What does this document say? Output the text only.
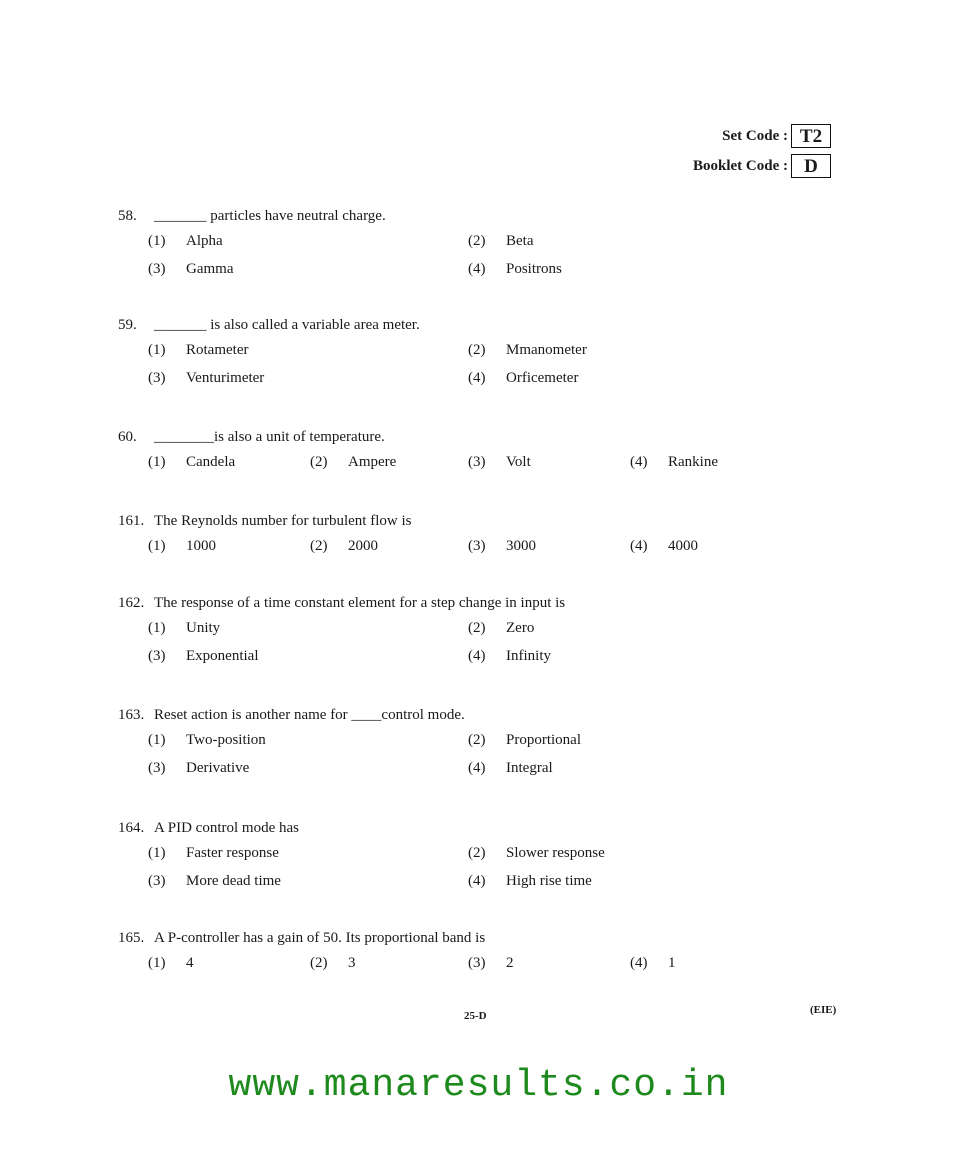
Set Code : T2
Booklet Code : D
58. _______ particles have neutral charge.
(1) Alpha	(2) Beta
(3) Gamma	(4) Positrons
59. _______ is also called a variable area meter.
(1) Rotameter	(2) Mmanometer
(3) Venturimeter	(4) Orficemeter
60. ________is also a unit of temperature.
(1) Candela	(2) Ampere	(3) Volt	(4) Rankine
161. The Reynolds number for turbulent flow is
(1) 1000	(2) 2000	(3) 3000	(4) 4000
162. The response of a time constant element for a step change in input is
(1) Unity	(2) Zero
(3) Exponential	(4) Infinity
163. Reset action is another name for ____control mode.
(1) Two-position	(2) Proportional
(3) Derivative	(4) Integral
164. A PID control mode has
(1) Faster response	(2) Slower response
(3) More dead time	(4) High rise time
165. A P-controller has a gain of 50. Its proportional band is
(1) 4	(2) 3	(3) 2	(4) 1
25-D	(EIE)
www.manaresults.co.in
